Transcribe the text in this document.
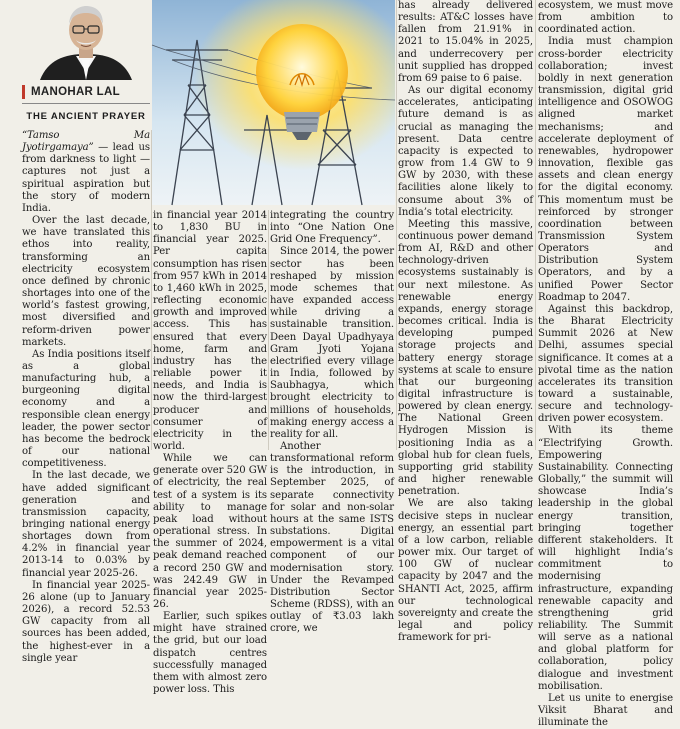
MANOHAR LAL
THE ANCIENT PRAYER

“Tamso Ma Jyotirgamaya” — lead us from darkness to light — captures not just a spiritual aspiration but the story of modern India.

Over the last decade, we have translated this ethos into reality, transforming an electricity ecosystem once defined by chronic shortages into one of the world’s fastest growing, most diversified and reform-driven power markets.

As India positions itself as a global manufacturing hub, a burgeoning digital economy and a responsible clean energy leader, the power sector has become the bedrock of our national competitiveness.

In the last decade, we have added significant generation and transmission capacity, bringing national energy shortages down from 4.2% in financial year 2013-14 to 0.03% by financial year 2025-26.

In financial year 2025-26 alone (up to January 2026), a record 52.53 GW capacity from all sources has been added, the highest-ever in a single year

in financial year 2014 to 1,830 BU in financial year 2025. Per capita consumption has risen from 957 kWh in 2014 to 1,460 kWh in 2025, reflecting economic growth and improved access. This has ensured that every home, farm and industry has the reliable power it needs, and India is now the third-largest producer and consumer of electricity in the world.

While we can generate over 520 GW of electricity, the real test of a system is its ability to manage peak load without operational stress. In the summer of 2024, peak demand reached a record 250 GW and was 242.49 GW in financial year 2025-26.

Earlier, such spikes might have strained the grid, but our load dispatch centres successfully managed them with almost zero power loss. This

integrating the country into “One Nation One Grid One Frequency”.

Since 2014, the power sector has been reshaped by mission mode schemes that have expanded access while driving a sustainable transition. Deen Dayal Upadhyaya Gram Jyoti Yojana electrified every village in India, followed by Saubhagya, which brought electricity to millions of households, making energy access a reality for all.

Another transformational reform is the introduction, in September 2025, of separate connectivity for solar and non-solar hours at the same ISTS substations. Digital empowerment is a vital component of our modernisation story. Under the Revamped Distribution Sector Scheme (RDSS), with an outlay of ₹3.03 lakh crore, we

has already delivered results: AT&C losses have fallen from 21.91% in 2021 to 15.04% in 2025, and underrecovery per unit supplied has dropped from 69 paise to 6 paise.

As our digital economy accelerates, anticipating future demand is as crucial as managing the present. Data centre capacity is expected to grow from 1.4 GW to 9 GW by 2030, with these facilities alone likely to consume about 3% of India’s total electricity.

Meeting this massive, continuous power demand from AI, R&D and other technology-driven ecosystems sustainably is our next milestone. As renewable energy expands, energy storage becomes critical. India is developing pumped storage projects and battery energy storage systems at scale to ensure that our burgeoning digital infrastructure is powered by clean energy. The National Green Hydrogen Mission is positioning India as a global hub for clean fuels, supporting grid stability and higher renewable penetration.

We are also taking decisive steps in nuclear energy, an essential part of a low carbon, reliable power mix. Our target of 100 GW of nuclear capacity by 2047 and the SHANTI Act, 2025, affirm our technological sovereignty and create the legal and policy framework for pri-

ecosystem, we must move from ambition to coordinated action.

India must champion cross-border electricity collaboration; invest boldly in next generation transmission, digital grid intelligence and OSOWOG aligned market mechanisms; and accelerate deployment of renewables, hydropower innovation, flexible gas assets and clean energy for the digital economy. This momentum must be reinforced by stronger coordination between Transmission System Operators and Distribution System Operators, and by a unified Power Sector Roadmap to 2047.

Against this backdrop, the Bharat Electricity Summit 2026 at New Delhi, assumes special significance. It comes at a pivotal time as the nation accelerates its transition toward a sustainable, secure and technology-driven power ecosystem.

With its theme “Electrifying Growth. Empowering Sustainability. Connecting Globally,” the summit will showcase India’s leadership in the global energy transition, bringing together different stakeholders. It will highlight India’s commitment to modernising infrastructure, expanding renewable capacity and strengthening grid reliability. The Summit will serve as a national and global platform for collaboration, policy dialogue and investment mobilisation.

Let us unite to energise Viksit Bharat and illuminate the
